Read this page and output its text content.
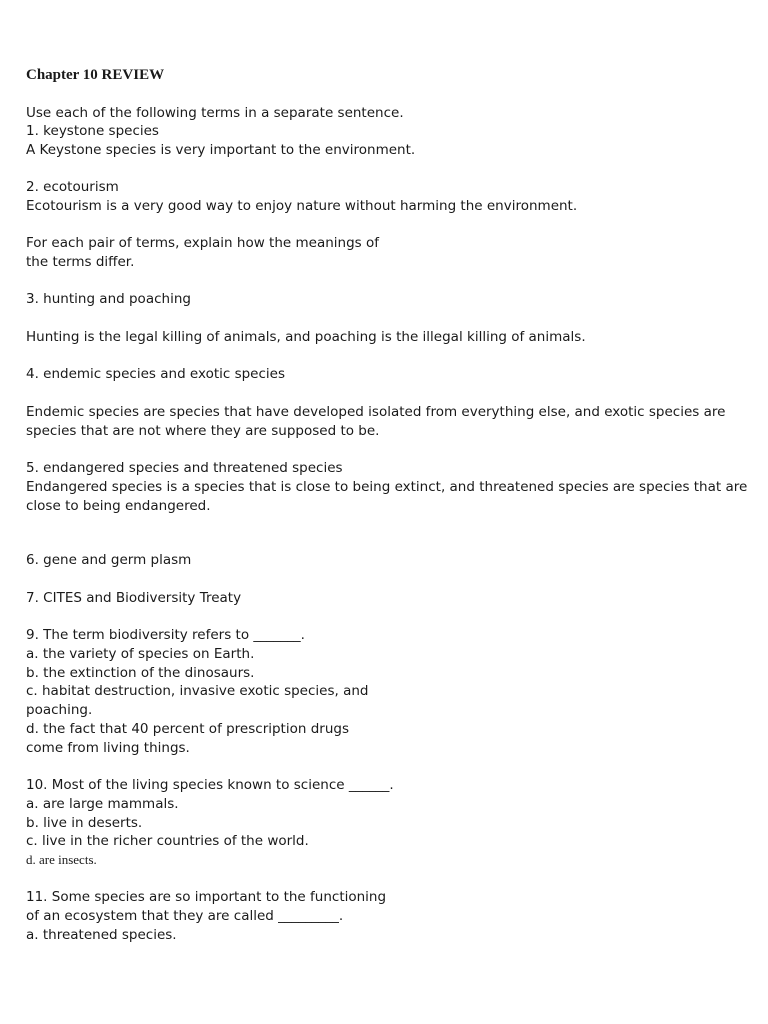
Chapter 10 REVIEW
Use each of the following terms in a separate sentence.
1. keystone species
A Keystone species is very important to the environment.
2. ecotourism
Ecotourism is a very good way to enjoy nature without harming the environment.
For each pair of terms, explain how the meanings of
the terms differ.
3. hunting and poaching
Hunting is the legal killing of animals, and poaching is the illegal killing of animals.
4. endemic species and exotic species
Endemic species are species that have developed isolated from everything else, and exotic species are
species that are not where they are supposed to be.
5. endangered species and threatened species
Endangered species is a species that is close to being extinct, and threatened species are species that are
close to being endangered.
6. gene and germ plasm
7. CITES and Biodiversity Treaty
9. The term biodiversity refers to _______.
a. the variety of species on Earth.
b. the extinction of the dinosaurs.
c. habitat destruction, invasive exotic species, and
poaching.
d. the fact that 40 percent of prescription drugs
come from living things.
10. Most of the living species known to science ______.
a. are large mammals.
b. live in deserts.
c. live in the richer countries of the world.
d. are insects.
11. Some species are so important to the functioning
of an ecosystem that they are called _________.
a. threatened species.
